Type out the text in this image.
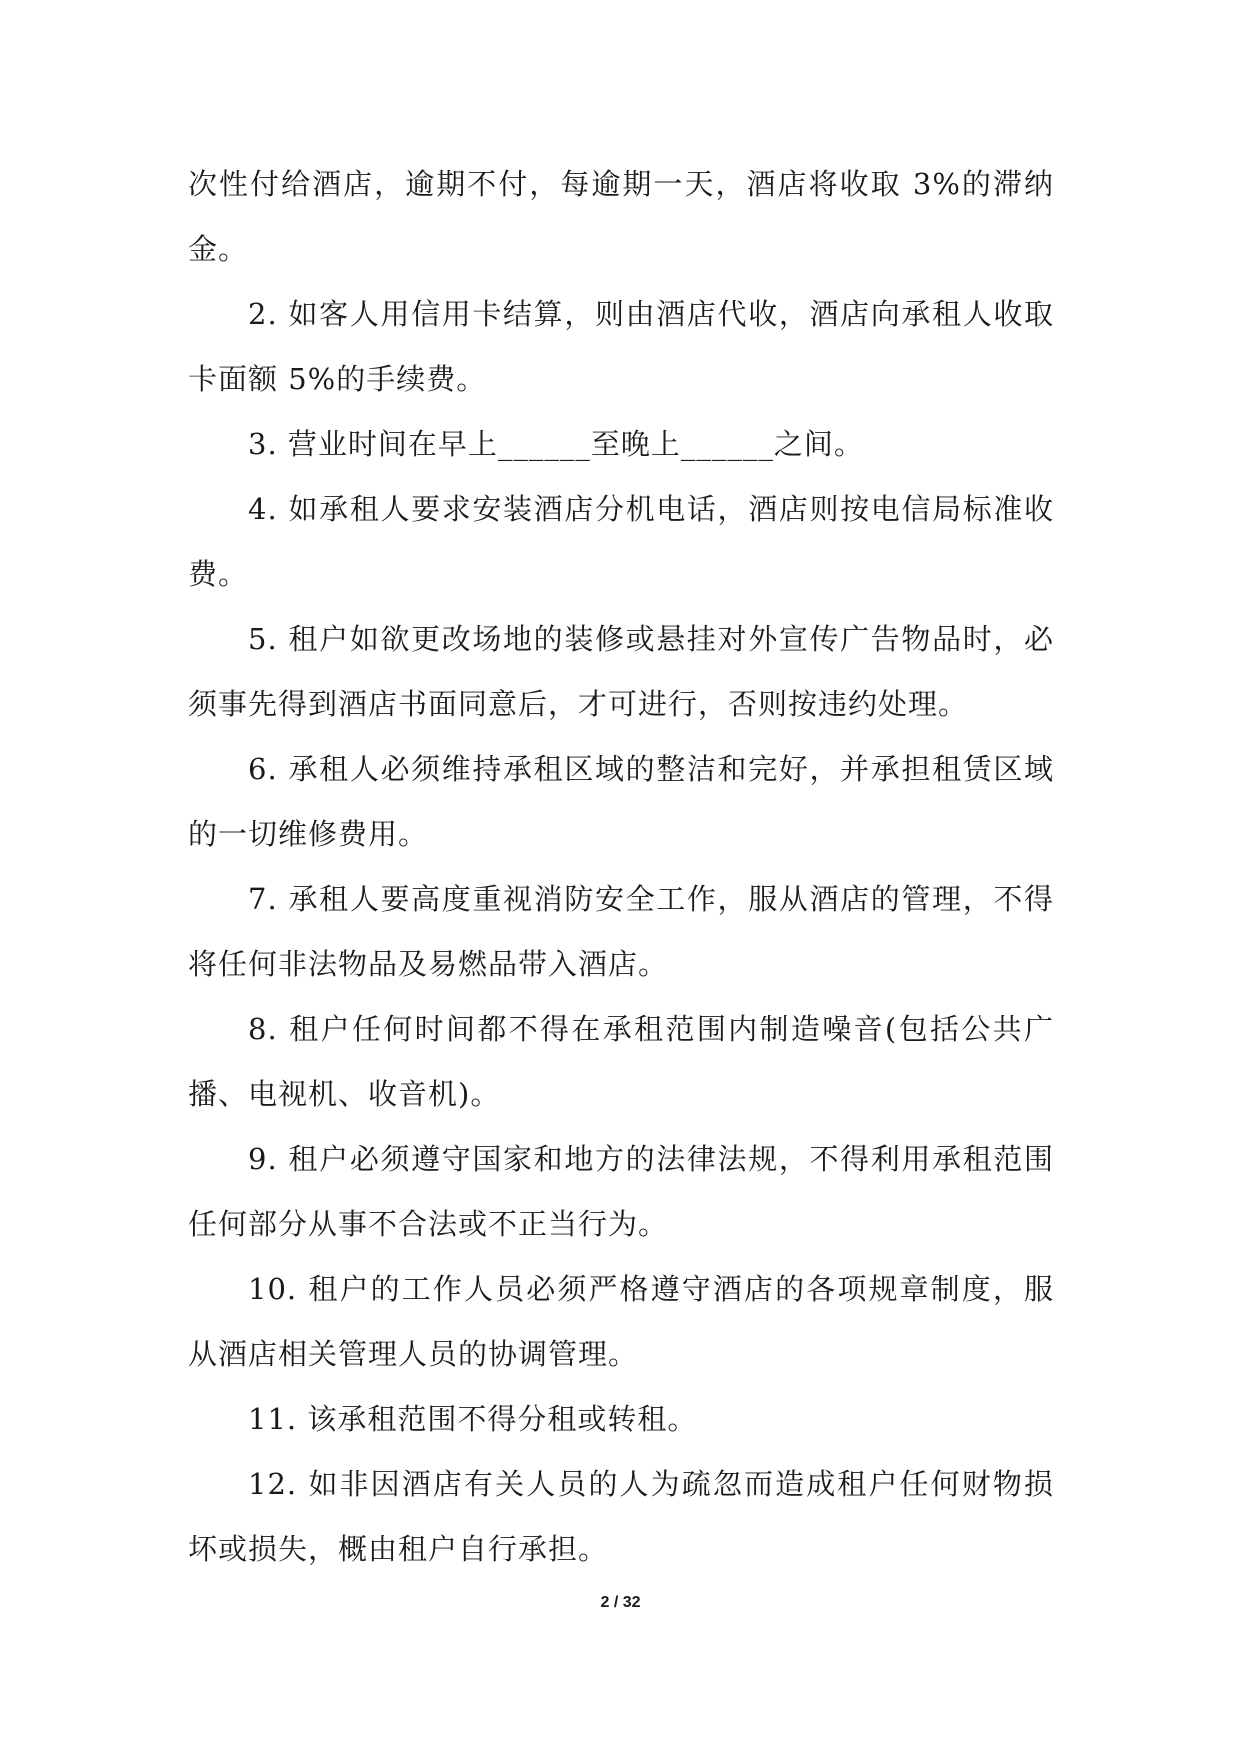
次性付给酒店，逾期不付，每逾期一天，酒店将收取 3%的滞纳金。

2. 如客人用信用卡结算，则由酒店代收，酒店向承租人收取卡面额 5%的手续费。

3. 营业时间在早上______至晚上______之间。

4. 如承租人要求安装酒店分机电话，酒店则按电信局标准收费。

5. 租户如欲更改场地的装修或悬挂对外宣传广告物品时，必须事先得到酒店书面同意后，才可进行，否则按违约处理。

6. 承租人必须维持承租区域的整洁和完好，并承担租赁区域的一切维修费用。

7. 承租人要高度重视消防安全工作，服从酒店的管理，不得将任何非法物品及易燃品带入酒店。

8. 租户任何时间都不得在承租范围内制造噪音(包括公共广播、电视机、收音机)。

9. 租户必须遵守国家和地方的法律法规，不得利用承租范围任何部分从事不合法或不正当行为。

10. 租户的工作人员必须严格遵守酒店的各项规章制度，服从酒店相关管理人员的协调管理。

11. 该承租范围不得分租或转租。

12. 如非因酒店有关人员的人为疏忽而造成租户任何财物损坏或损失，概由租户自行承担。

2 / 32
